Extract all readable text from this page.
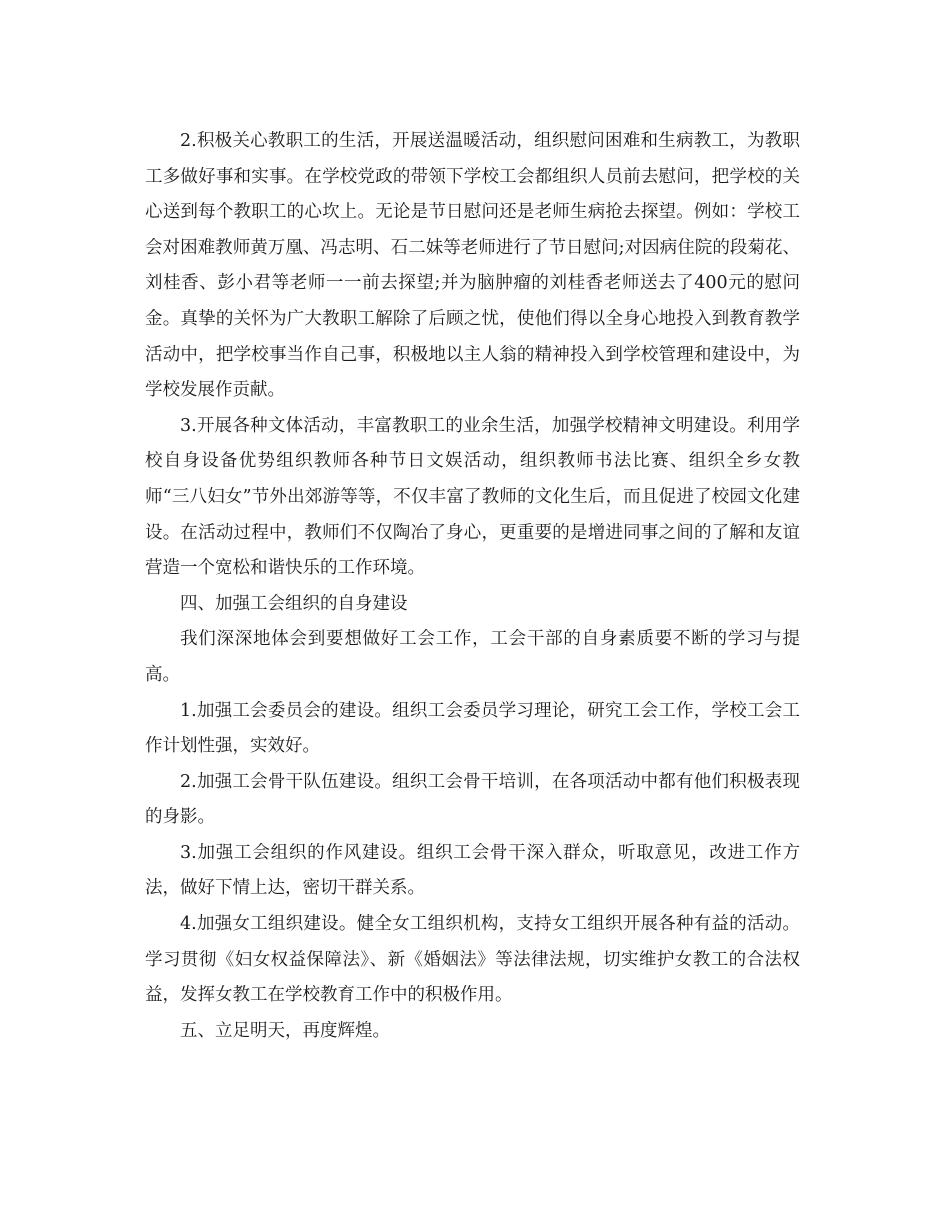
2.积极关心教职工的生活，开展送温暖活动，组织慰问困难和生病教工，为教职工多做好事和实事。在学校党政的带领下学校工会都组织人员前去慰问，把学校的关心送到每个教职工的心坎上。无论是节日慰问还是老师生病抢去探望。例如：学校工会对困难教师黄万凰、冯志明、石二妹等老师进行了节日慰问;对因病住院的段菊花、刘桂香、彭小君等老师一一前去探望;并为脑肿瘤的刘桂香老师送去了400元的慰问金。真挚的关怀为广大教职工解除了后顾之忧，使他们得以全身心地投入到教育教学活动中，把学校事当作自己事，积极地以主人翁的精神投入到学校管理和建设中，为学校发展作贡献。

3.开展各种文体活动，丰富教职工的业余生活，加强学校精神文明建设。利用学校自身设备优势组织教师各种节日文娱活动，组织教师书法比赛、组织全乡女教师“三八妇女”节外出郊游等等，不仅丰富了教师的文化生后，而且促进了校园文化建设。在活动过程中，教师们不仅陶冶了身心，更重要的是增进同事之间的了解和友谊营造一个宽松和谐快乐的工作环境。

四、加强工会组织的自身建设

我们深深地体会到要想做好工会工作，工会干部的自身素质要不断的学习与提高。

1.加强工会委员会的建设。组织工会委员学习理论，研究工会工作，学校工会工作计划性强，实效好。

2.加强工会骨干队伍建设。组织工会骨干培训，在各项活动中都有他们积极表现的身影。

3.加强工会组织的作风建设。组织工会骨干深入群众，听取意见，改进工作方法，做好下情上达，密切干群关系。

4.加强女工组织建设。健全女工组织机构，支持女工组织开展各种有益的活动。学习贯彻《妇女权益保障法》、新《婚姻法》等法律法规，切实维护女教工的合法权益，发挥女教工在学校教育工作中的积极作用。

五、立足明天，再度辉煌。
